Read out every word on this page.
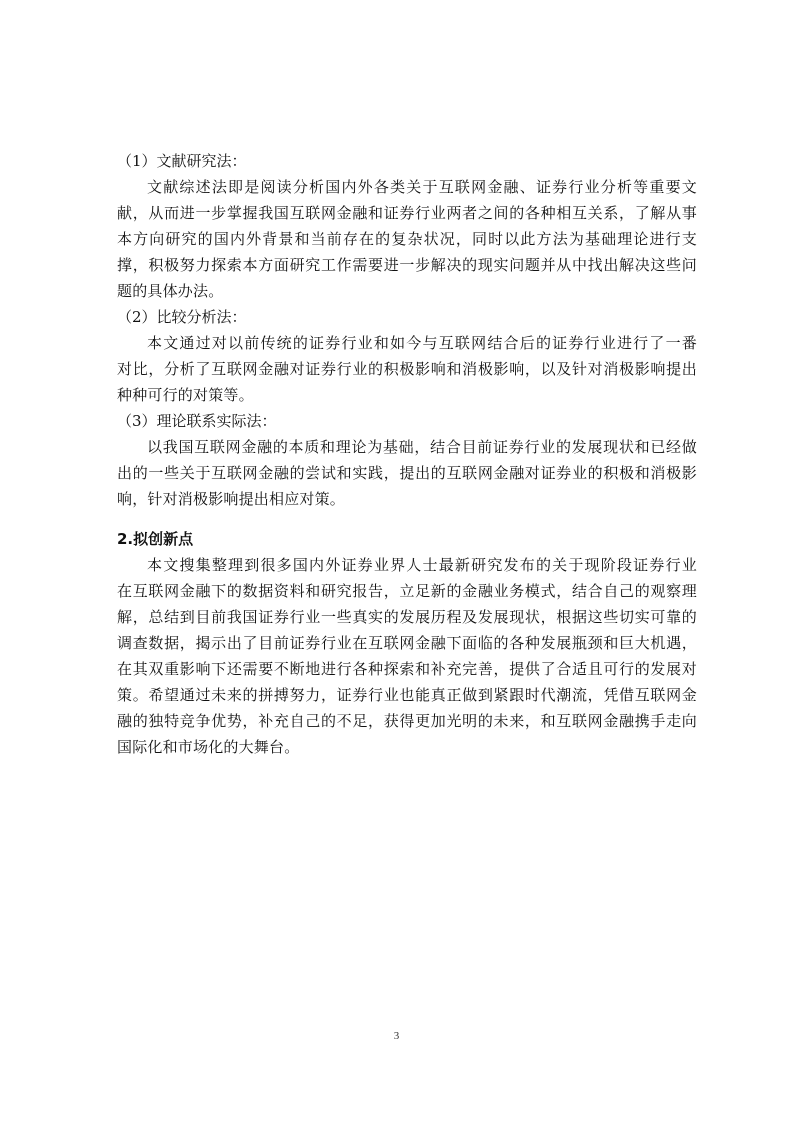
（1）文献研究法：
文献综述法即是阅读分析国内外各类关于互联网金融、证券行业分析等重要文
献，从而进一步掌握我国互联网金融和证券行业两者之间的各种相互关系，了解从事
本方向研究的国内外背景和当前存在的复杂状况，同时以此方法为基础理论进行支
撑，积极努力探索本方面研究工作需要进一步解决的现实问题并从中找出解决这些问
题的具体办法。
（2）比较分析法：
本文通过对以前传统的证券行业和如今与互联网结合后的证券行业进行了一番
对比，分析了互联网金融对证券行业的积极影响和消极影响，以及针对消极影响提出
种种可行的对策等。
（3）理论联系实际法：
以我国互联网金融的本质和理论为基础，结合目前证券行业的发展现状和已经做
出的一些关于互联网金融的尝试和实践，提出的互联网金融对证券业的积极和消极影
响，针对消极影响提出相应对策。
2.拟创新点
本文搜集整理到很多国内外证券业界人士最新研究发布的关于现阶段证券行业
在互联网金融下的数据资料和研究报告，立足新的金融业务模式，结合自己的观察理
解，总结到目前我国证券行业一些真实的发展历程及发展现状，根据这些切实可靠的
调查数据，揭示出了目前证券行业在互联网金融下面临的各种发展瓶颈和巨大机遇，
在其双重影响下还需要不断地进行各种探索和补充完善，提供了合适且可行的发展对
策。希望通过未来的拼搏努力，证券行业也能真正做到紧跟时代潮流，凭借互联网金
融的独特竞争优势，补充自己的不足，获得更加光明的未来，和互联网金融携手走向
国际化和市场化的大舞台。
3
